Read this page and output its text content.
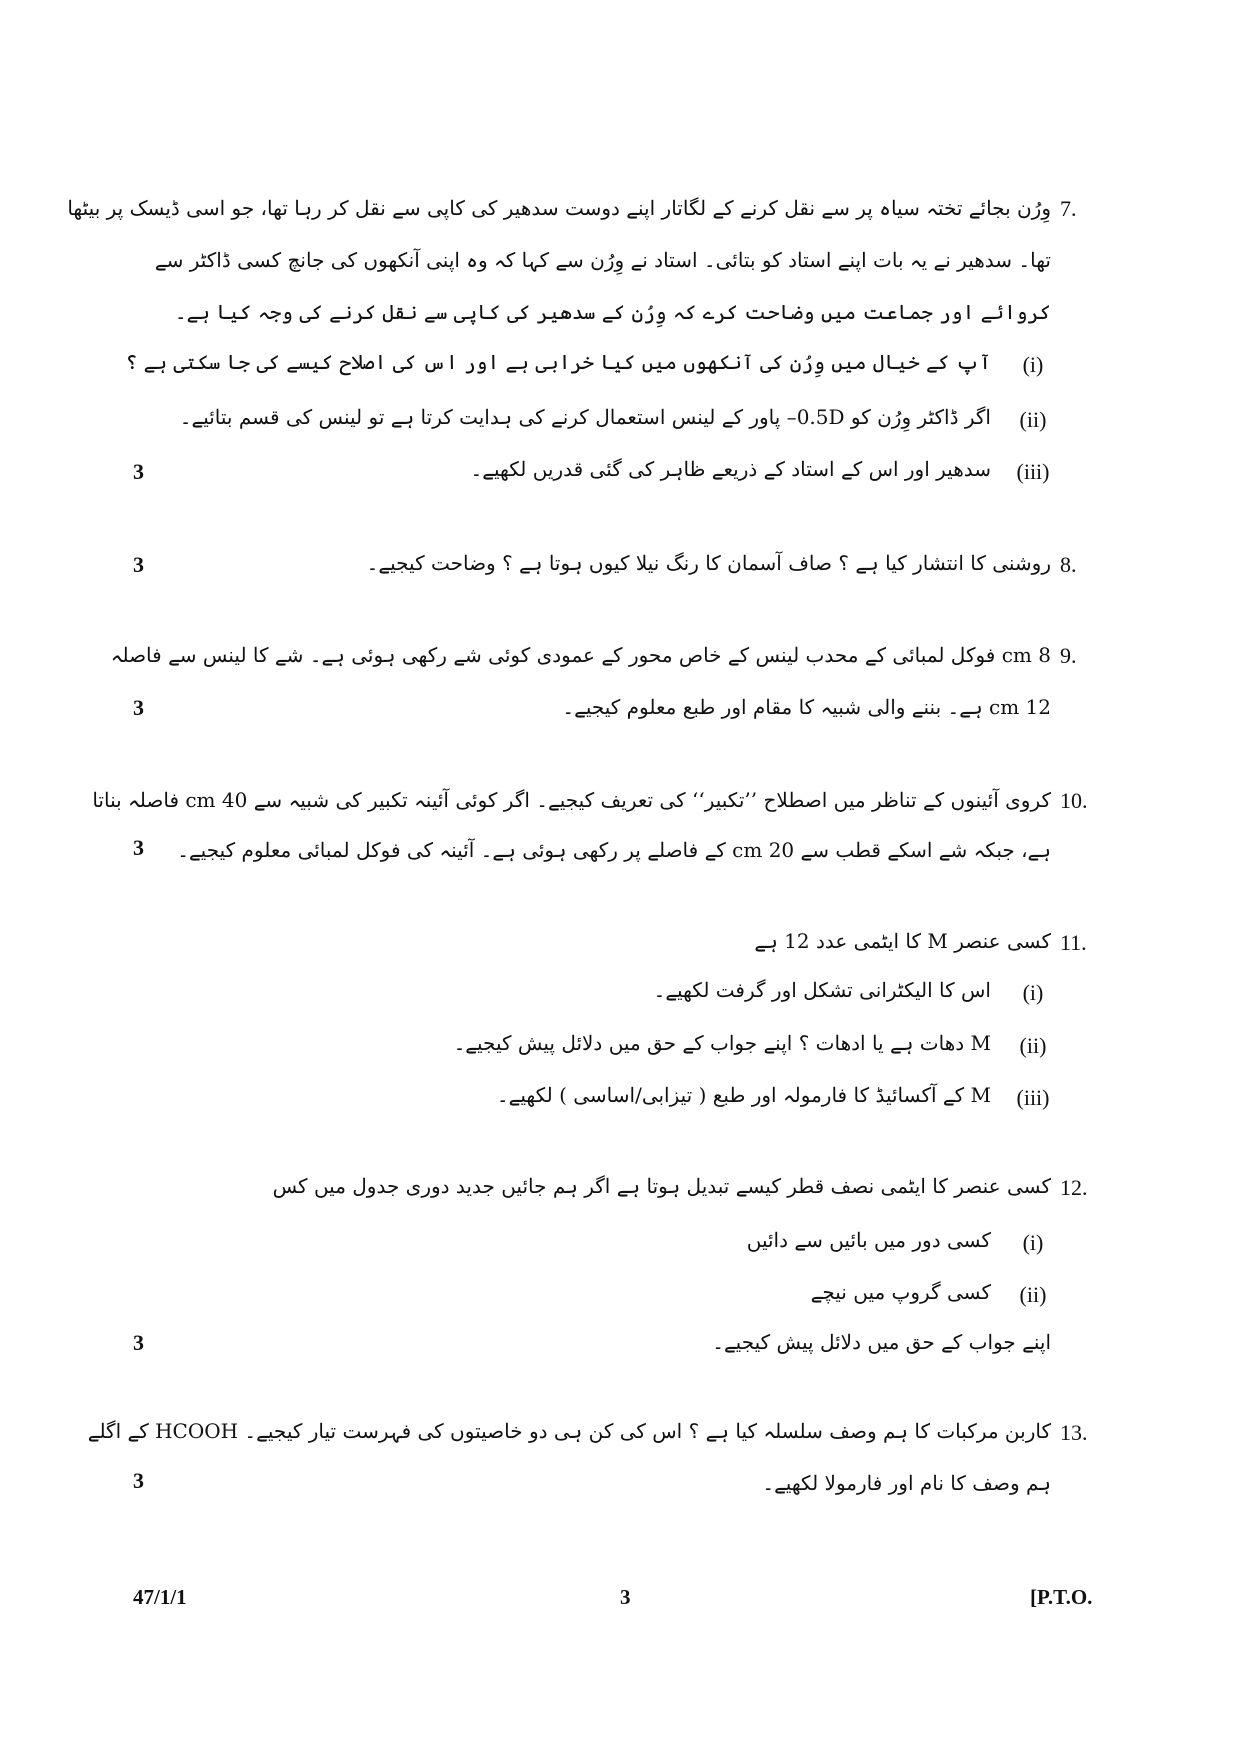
7.
وِرُن بجائے تختہ سیاہ پر سے نقل کرنے کے لگاتار اپنے دوست سدھیر کی کاپی سے نقل کر رہا تھا، جو اسی ڈیسک پر بیٹھا
تھا۔ سدھیر نے یہ بات اپنے استاد کو بتائی۔ استاد نے وِرُن سے کہا کہ وہ اپنی آنکھوں کی جانچ کسی ڈاکٹر سے
کروائے اور جماعت میں وضاحت کرے کہ وِرُن کے سدھیر کی کاپی سے نقل کرنے کی وجہ کیا ہے۔
(i)
آپ کے خیال میں وِرُن کی آنکھوں میں کیا خرابی ہے اور اس کی اصلاح کیسے کی جا سکتی ہے ؟
(ii)
اگر ڈاکٹر وِرُن کو 0.5D– پاور کے لینس استعمال کرنے کی ہدایت کرتا ہے تو لینس کی قسم بتائیے۔
(iii)
سدھیر اور اس کے استاد کے ذریعے ظاہر کی گئی قدریں لکھیے۔
3
8.
روشنی کا انتشار کیا ہے ؟ صاف آسمان کا رنگ نیلا کیوں ہوتا ہے ؟ وضاحت کیجیے۔
3
9.
8 cm فوکل لمبائی کے محدب لینس کے خاص محور کے عمودی کوئی شے رکھی ہوئی ہے۔ شے کا لینس سے فاصلہ
12 cm ہے۔ بننے والی شبیہ کا مقام اور طبع معلوم کیجیے۔
3
10.
کروی آئینوں کے تناظر میں اصطلاح ’’تکبیر‘‘ کی تعریف کیجیے۔ اگر کوئی آئینہ تکبیر کی شبیہ سے 40 cm فاصلہ بناتا
ہے، جبکہ شے اسکے قطب سے 20 cm کے فاصلے پر رکھی ہوئی ہے۔ آئینہ کی فوکل لمبائی معلوم کیجیے۔
3
11.
کسی عنصر M کا ایٹمی عدد 12 ہے
(i)
اس کا الیکٹرانی تشکل اور گرفت لکھیے۔
(ii)
M دھات ہے یا ادھات ؟ اپنے جواب کے حق میں دلائل پیش کیجیے۔
(iii)
M کے آکسائیڈ کا فارمولہ اور طبع ( تیزابی/اساسی ) لکھیے۔
12.
کسی عنصر کا ایٹمی نصف قطر کیسے تبدیل ہوتا ہے اگر ہم جائیں جدید دوری جدول میں کس
(i)
کسی دور میں بائیں سے دائیں
(ii)
کسی گروپ میں نیچے
اپنے جواب کے حق میں دلائل پیش کیجیے۔
3
13.
کاربن مرکبات کا ہم وصف سلسلہ کیا ہے ؟ اس کی کن ہی دو خاصیتوں کی فہرست تیار کیجیے۔ HCOOH کے اگلے
ہم وصف کا نام اور فارمولا لکھیے۔
3
47/1/1	3	[P.T.O.
